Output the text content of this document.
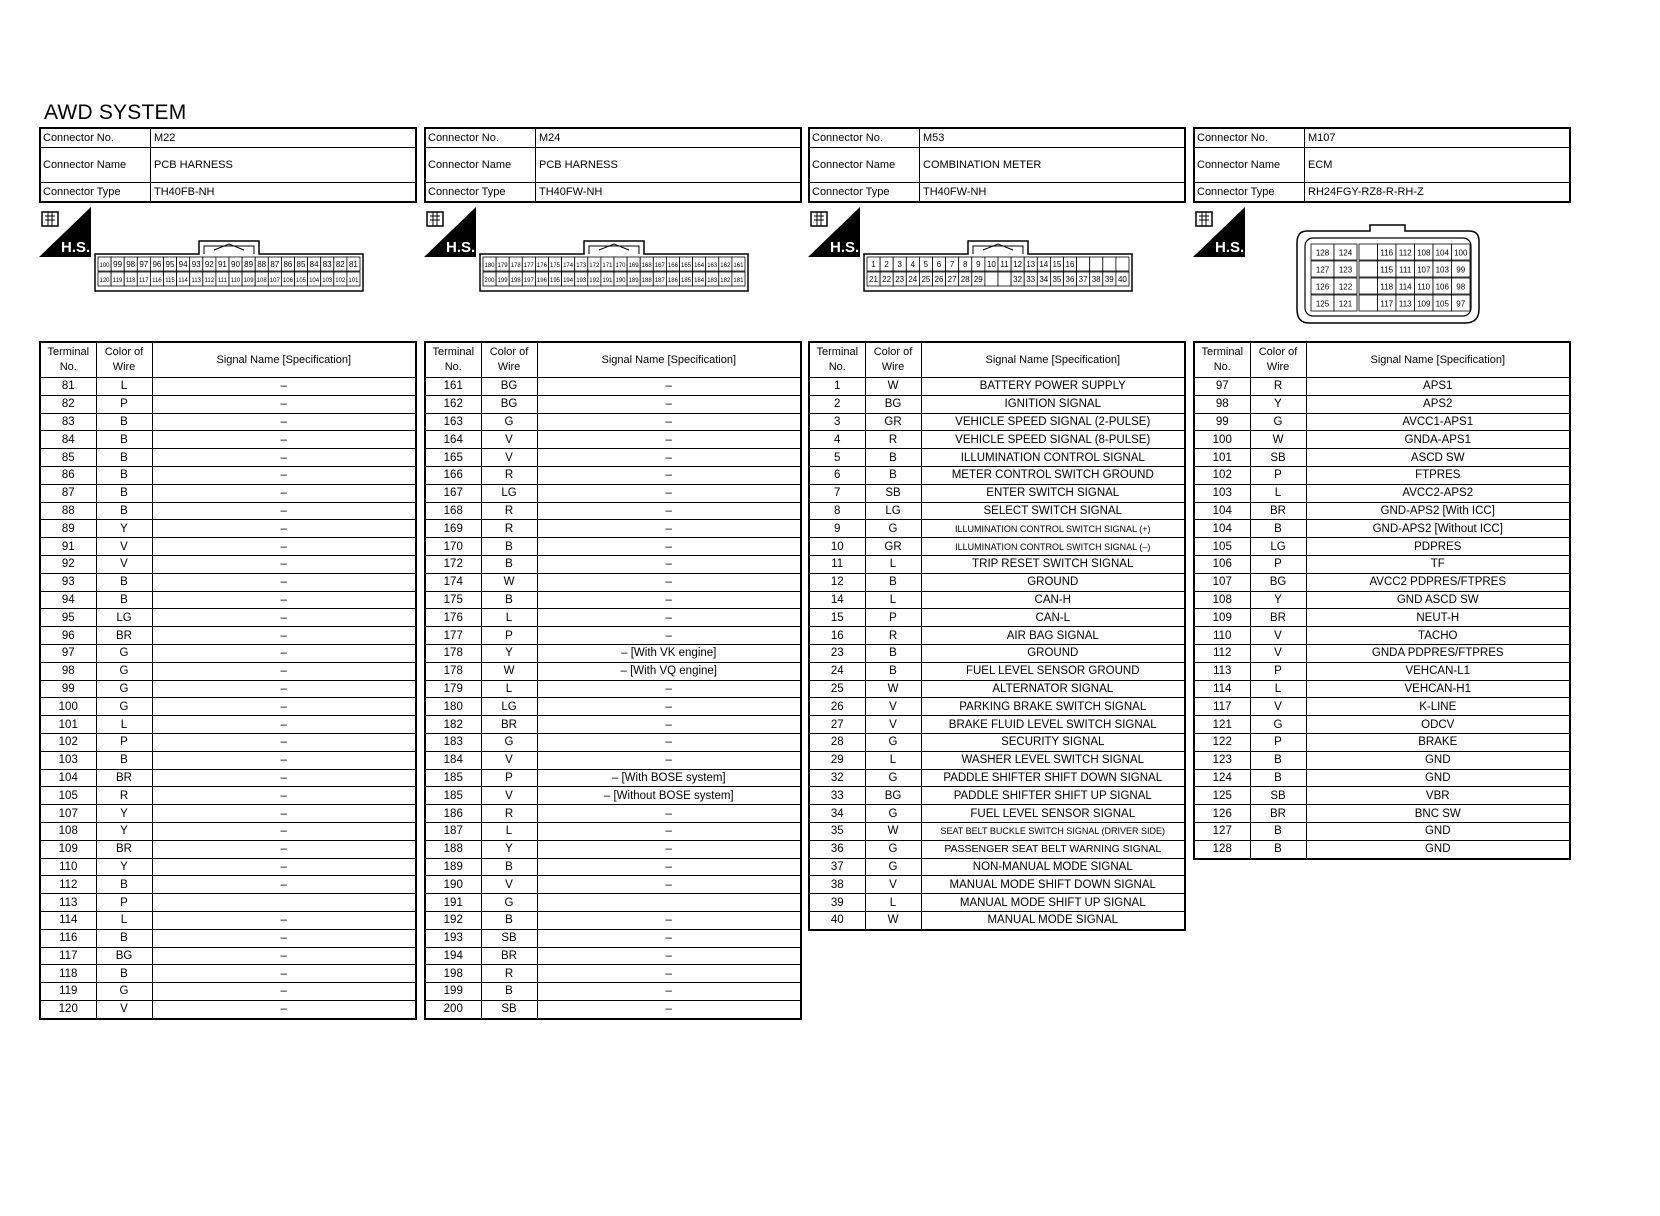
AWD SYSTEM
Connector No.	M22
Connector Name	PCB HARNESS
Connector Type	TH40FB-NH
H.S.
100 99 98 97 96 95 94 93 92 91 90 89 88 87 86 85 84 83 82 81
120 119 118 117 116 115 114 113 112 111 110 109 108 107 106 105 104 103 102 101
Terminal No.	Color of Wire	Signal Name [Specification]
81	L	–
82	P	–
83	B	–
84	B	–
85	B	–
86	B	–
87	B	–
88	B	–
89	Y	–
91	V	–
92	V	–
93	B	–
94	B	–
95	LG	–
96	BR	–
97	G	–
98	G	–
99	G	–
100	G	–
101	L	–
102	P	–
103	B	–
104	BR	–
105	R	–
107	Y	–
108	Y	–
109	BR	–
110	Y	–
112	B	–
113	P	
114	L	–
116	B	–
117	BG	–
118	B	–
119	G	–
120	V	–
Connector No.	M24
Connector Name	PCB HARNESS
Connector Type	TH40FW-NH
H.S.
180 179 178 177 176 175 174 173 172 171 170 169 168 167 166 165 164 163 162 161
200 199 198 197 196 195 194 193 192 191 190 189 188 187 186 185 184 183 182 181
Terminal No.	Color of Wire	Signal Name [Specification]
161	BG	–
162	BG	–
163	G	–
164	V	–
165	V	–
166	R	–
167	LG	–
168	R	–
169	R	–
170	B	–
172	B	–
174	W	–
175	B	–
176	L	–
177	P	–
178	Y	– [With VK engine]
178	W	– [With VQ engine]
179	L	–
180	LG	–
182	BR	–
183	G	–
184	V	–
185	P	– [With BOSE system]
185	V	– [Without BOSE system]
186	R	–
187	L	–
188	Y	–
189	B	–
190	V	–
191	G	
192	B	–
193	SB	–
194	BR	–
198	R	–
199	B	–
200	SB	–
Connector No.	M53
Connector Name	COMBINATION METER
Connector Type	TH40FW-NH
H.S.
1 2 3 4 5 6 7 8 9 10 11 12 13 14 15 16
21 22 23 24 25 26 27 28 29	32 33 34 35 36 37 38 39 40
Terminal No.	Color of Wire	Signal Name [Specification]
1	W	BATTERY POWER SUPPLY
2	BG	IGNITION SIGNAL
3	GR	VEHICLE SPEED SIGNAL (2-PULSE)
4	R	VEHICLE SPEED SIGNAL (8-PULSE)
5	B	ILLUMINATION CONTROL SIGNAL
6	B	METER CONTROL SWITCH GROUND
7	SB	ENTER SWITCH SIGNAL
8	LG	SELECT SWITCH SIGNAL
9	G	ILLUMINATION CONTROL SWITCH SIGNAL (+)
10	GR	ILLUMINATION CONTROL SWITCH SIGNAL (–)
11	L	TRIP RESET SWITCH SIGNAL
12	B	GROUND
14	L	CAN-H
15	P	CAN-L
16	R	AIR BAG SIGNAL
23	B	GROUND
24	B	FUEL LEVEL SENSOR GROUND
25	W	ALTERNATOR SIGNAL
26	V	PARKING BRAKE SWITCH SIGNAL
27	V	BRAKE FLUID LEVEL SWITCH SIGNAL
28	G	SECURITY SIGNAL
29	L	WASHER LEVEL SWITCH SIGNAL
32	G	PADDLE SHIFTER SHIFT DOWN SIGNAL
33	BG	PADDLE SHIFTER SHIFT UP SIGNAL
34	G	FUEL LEVEL SENSOR SIGNAL
35	W	SEAT BELT BUCKLE SWITCH SIGNAL (DRIVER SIDE)
36	G	PASSENGER SEAT BELT WARNING SIGNAL
37	G	NON-MANUAL MODE SIGNAL
38	V	MANUAL MODE SHIFT DOWN SIGNAL
39	L	MANUAL MODE SHIFT UP SIGNAL
40	W	MANUAL MODE SIGNAL
Connector No.	M107
Connector Name	ECM
Connector Type	RH24FGY-RZ8-R-RH-Z
H.S.	128 124
127 123
126 122
125 121
116 112 108 104 100
115 111 107 103 99
118 114 110 106 98
117 113 109 105 97
Terminal No.	Color of Wire	Signal Name [Specification]
97	R	APS1
98	Y	APS2
99	G	AVCC1-APS1
100	W	GNDA-APS1
101	SB	ASCD SW
102	P	FTPRES
103	L	AVCC2-APS2
104	BR	GND-APS2 [With ICC]
104	B	GND-APS2 [Without ICC]
105	LG	PDPRES
106	P	TF
107	BG	AVCC2 PDPRES/FTPRES
108	Y	GND ASCD SW
109	BR	NEUT-H
110	V	TACHO
112	V	GNDA PDPRES/FTPRES
113	P	VEHCAN-L1
114	L	VEHCAN-H1
117	V	K-LINE
121	G	ODCV
122	P	BRAKE
123	B	GND
124	B	GND
125	SB	VBR
126	BR	BNC SW
127	B	GND
128	B	GND
